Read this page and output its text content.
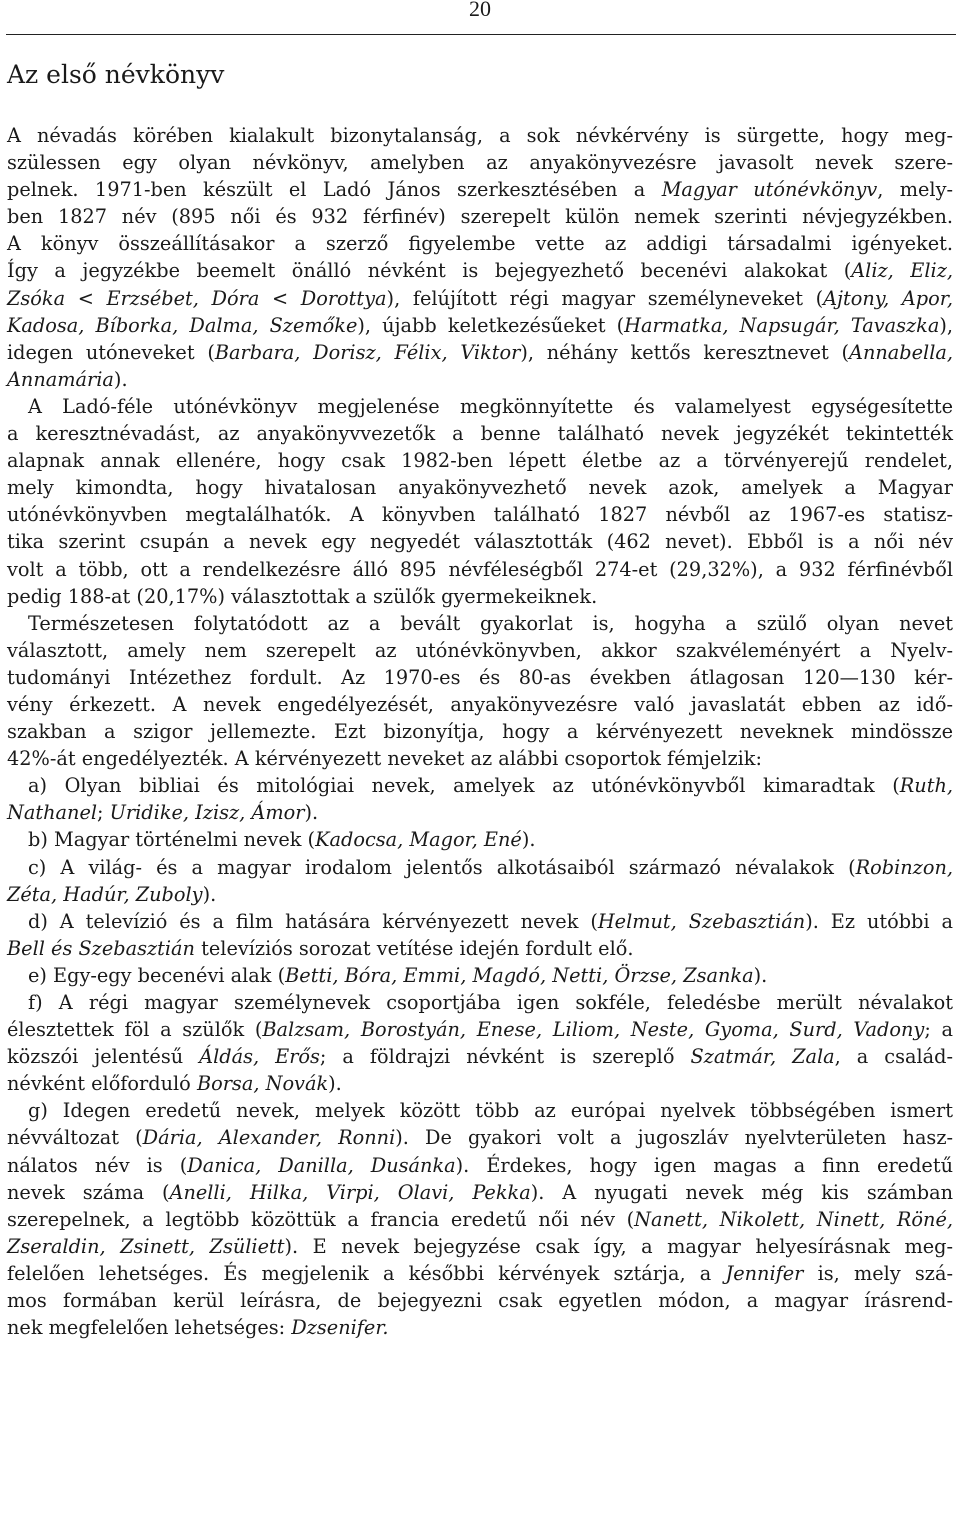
20
Az első névkönyv
A névadás körében kialakult bizonytalanság, a sok névkérvény is sürgette, hogy meg-
szülessen egy olyan névkönyv, amelyben az anyakönyvezésre javasolt nevek szere-
pelnek. 1971-ben készült el Ladó János szerkesztésében a Magyar utónévkönyv, mely-
ben 1827 név (895 női és 932 férfinév) szerepelt külön nemek szerinti névjegyzékben.
A könyv összeállításakor a szerző figyelembe vette az addigi társadalmi igényeket.
Így a jegyzékbe beemelt önálló névként is bejegyezhető becenévi alakokat (Aliz, Eliz,
Zsóka < Erzsébet, Dóra < Dorottya), felújított régi magyar személyneveket (Ajtony, Apor,
Kadosa, Bíborka, Dalma, Szemőke), újabb keletkezésűeket (Harmatka, Napsugár, Tavaszka),
idegen utóneveket (Barbara, Dorisz, Félix, Viktor), néhány kettős keresztnevet (Annabella,
Annamária).
A Ladó-féle utónévkönyv megjelenése megkönnyítette és valamelyest egységesítette
a keresztnévadást, az anyakönyvvezetők a benne található nevek jegyzékét tekintették
alapnak annak ellenére, hogy csak 1982-ben lépett életbe az a törvényerejű rendelet,
mely kimondta, hogy hivatalosan anyakönyvezhető nevek azok, amelyek a Magyar
utónévkönyvben megtalálhatók. A könyvben található 1827 névből az 1967-es statisz-
tika szerint csupán a nevek egy negyedét választották (462 nevet). Ebből is a női név
volt a több, ott a rendelkezésre álló 895 névféleségből 274-et (29,32%), a 932 férfinévből
pedig 188-at (20,17%) választottak a szülők gyermekeiknek.
Természetesen folytatódott az a bevált gyakorlat is, hogyha a szülő olyan nevet
választott, amely nem szerepelt az utónévkönyvben, akkor szakvéleményért a Nyelv-
tudományi Intézethez fordult. Az 1970-es és 80-as években átlagosan 120—130 kér-
vény érkezett. A nevek engedélyezését, anyakönyvezésre való javaslatát ebben az idő-
szakban a szigor jellemezte. Ezt bizonyítja, hogy a kérvényezett neveknek mindössze
42%-át engedélyezték. A kérvényezett neveket az alábbi csoportok fémjelzik:
a) Olyan bibliai és mitológiai nevek, amelyek az utónévkönyvből kimaradtak (Ruth,
Nathanel; Uridike, Izisz, Ámor).
b) Magyar történelmi nevek (Kadocsa, Magor, Ené).
c) A világ- és a magyar irodalom jelentős alkotásaiból származó névalakok (Robinzon,
Zéta, Hadúr, Zuboly).
d) A televízió és a film hatására kérvényezett nevek (Helmut, Szebasztián). Ez utóbbi a
Bell és Szebasztián televíziós sorozat vetítése idején fordult elő.
e) Egy-egy becenévi alak (Betti, Bóra, Emmi, Magdó, Netti, Örzse, Zsanka).
f) A régi magyar személynevek csoportjába igen sokféle, feledésbe merült névalakot
élesztettek föl a szülők (Balzsam, Borostyán, Enese, Liliom, Neste, Gyoma, Surd, Vadony; a
közszói jelentésű Áldás, Erős; a földrajzi névként is szereplő Szatmár, Zala, a család-
névként előforduló Borsa, Novák).
g) Idegen eredetű nevek, melyek között több az európai nyelvek többségében ismert
névváltozat (Dária, Alexander, Ronni). De gyakori volt a jugoszláv nyelvterületen hasz-
nálatos név is (Danica, Danilla, Dusánka). Érdekes, hogy igen magas a finn eredetű
nevek száma (Anelli, Hilka, Virpi, Olavi, Pekka). A nyugati nevek még kis számban
szerepelnek, a legtöbb közöttük a francia eredetű női név (Nanett, Nikolett, Ninett, Röné,
Zseraldin, Zsinett, Zsüliett). E nevek bejegyzése csak így, a magyar helyesírásnak meg-
felelően lehetséges. És megjelenik a későbbi kérvények sztárja, a Jennifer is, mely szá-
mos formában kerül leírásra, de bejegyezni csak egyetlen módon, a magyar írásrend-
nek megfelelően lehetséges: Dzsenifer.
